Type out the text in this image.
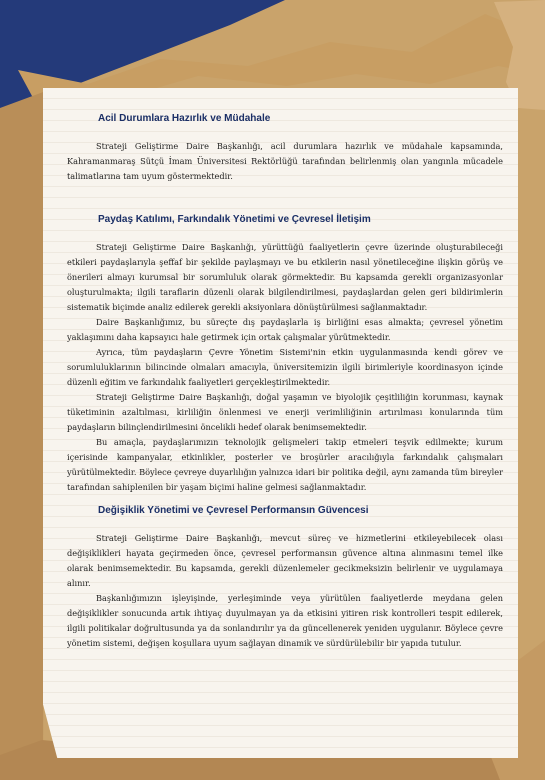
Acil Durumlara Hazırlık ve Müdahale

Strateji Geliştirme Daire Başkanlığı, acil durumlara hazırlık ve müdahale kapsamında, Kahramanmaraş Sütçü İmam Üniversitesi Rektörlüğü tarafından belirlenmiş olan yangınla mücadele talimatlarına tam uyum göstermektedir.

Paydaş Katılımı, Farkındalık Yönetimi ve Çevresel İletişim

Strateji Geliştirme Daire Başkanlığı, yürüttüğü faaliyetlerin çevre üzerinde oluşturabileceği etkileri paydaşlarıyla şeffaf bir şekilde paylaşmayı ve bu etkilerin nasıl yönetileceğine ilişkin görüş ve önerileri almayı kurumsal bir sorumluluk olarak görmektedir. Bu kapsamda gerekli organizasyonlar oluşturulmakta; ilgili taraflarin düzenli olarak bilgilendirilmesi, paydaşlardan gelen geri bildirimlerin sistematik biçimde analiz edilerek gerekli aksiyonlara dönüştürülmesi sağlanmaktadır.

Daire Başkanlığımız, bu süreçte dış paydaşlarla iş birliğini esas almakta; çevresel yönetim yaklaşımını daha kapsayıcı hale getirmek için ortak çalışmalar yürütmektedir.

Ayrıca, tüm paydaşların Çevre Yönetim Sistemi'nin etkin uygulanmasında kendi görev ve sorumluluklarının bilincinde olmaları amacıyla, üniversitemizin ilgili birimleriyle koordinasyon içinde düzenli eğitim ve farkındalık faaliyetleri gerçekleştirilmektedir.

Strateji Geliştirme Daire Başkanlığı, doğal yaşamın ve biyolojik çeşitliliğin korunması, kaynak tüketiminin azaltılması, kirliliğin önlenmesi ve enerji verimliliğinin artırılması konularında tüm paydaşların bilinçlendirilmesini öncelikli hedef olarak benimsemektedir.

Bu amaçla, paydaşlarımızın teknolojik gelişmeleri takip etmeleri teşvik edilmekte; kurum içerisinde kampanyalar, etkinlikler, posterler ve broşürler aracılığıyla farkındalık çalışmaları yürütülmektedir. Böylece çevreye duyarlılığın yalnızca idari bir politika değil, aynı zamanda tüm bireyler tarafından sahiplenilen bir yaşam biçimi haline gelmesi sağlanmaktadır.

Değişiklik Yönetimi ve Çevresel Performansın Güvencesi

Strateji Geliştirme Daire Başkanlığı, mevcut süreç ve hizmetlerini etkileyebilecek olası değişiklikleri hayata geçirmeden önce, çevresel performansın güvence altına alınmasını temel ilke olarak benimsemektedir. Bu kapsamda, gerekli düzenlemeler gecikmeksizin belirlenir ve uygulamaya alınır.

Başkanlığımızın işleyişinde, yerleşiminde veya yürütülen faaliyetlerde meydana gelen değişiklikler sonucunda artık ihtiyaç duyulmayan ya da etkisini yitiren risk kontrolleri tespit edilerek, ilgili politikalar doğrultusunda ya da sonlandırılır ya da güncellenerek yeniden uygulanır. Böylece çevre yönetim sistemi, değişen koşullara uyum sağlayan dinamik ve sürdürülebilir bir yapıda tutulur.
